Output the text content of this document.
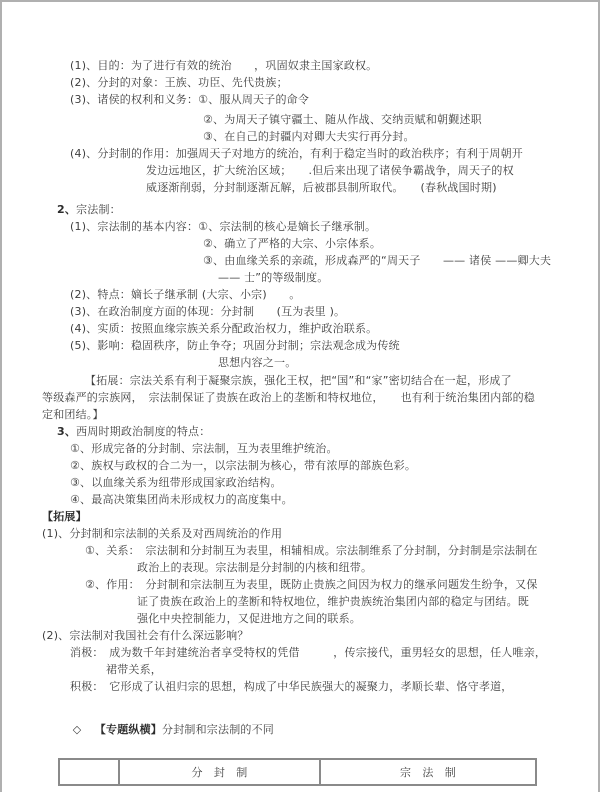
(1)、目的：为了进行有效的统治　　，巩固奴隶主国家政权。
(2)、分封的对象：王族、功臣、先代贵族；
(3)、诸侯的权利和义务：①、服从周天子的命令
②、为周天子镇守疆土、随从作战、交纳贡赋和朝觐述职
③、在自己的封疆内对卿大夫实行再分封。
(4)、分封制的作用：加强周天子对地方的统治，有利于稳定当时的政治秩序；有利于周朝开
发边远地区，扩大统治区域；　　.但后来出现了诸侯争霸战争，周天子的权
威逐渐削弱，分封制逐渐瓦解，后被郡县制所取代。　　(春秋战国时期)
2、宗法制：
(1)、宗法制的基本内容：①、宗法制的核心是嫡长子继承制。
②、确立了严格的大宗、小宗体系。
③、由血缘关系的亲疏，形成森严的“周天子　　—— 诸侯 ——卿大夫
—— 士”的等级制度。
(2)、特点：嫡长子继承制 (大宗、小宗)　　。
(3)、在政治制度方面的体现：分封制　　(互为表里 )。
(4)、实质：按照血缘宗族关系分配政治权力，维护政治联系。
(5)、影响：稳固秩序，防止争夺；巩固分封制；宗法观念成为传统
思想内容之一。
【拓展：宗法关系有利于凝聚宗族，强化王权，把“国”和“家”密切结合在一起，形成了
等级森严的宗族网，　宗法制保证了贵族在政治上的垄断和特权地位，　　也有利于统治集团内部的稳
定和团结。】
3、西周时期政治制度的特点：
①、形成完备的分封制、宗法制，互为表里维护统治。
②、族权与政权的合二为一，以宗法制为核心，带有浓厚的部族色彩。
③、以血缘关系为纽带形成国家政治结构。
④、最高决策集团尚未形成权力的高度集中。
【拓展】
(1)、分封制和宗法制的关系及对西周统治的作用
①、关系：　宗法制和分封制互为表里，相辅相成。宗法制维系了分封制，分封制是宗法制在
政治上的表现。宗法制是分封制的内核和纽带。
②、作用：　分封制和宗法制互为表里，既防止贵族之间因为权力的继承问题发生纷争，又保
证了贵族在政治上的垄断和特权地位，维护贵族统治集团内部的稳定与团结。既
强化中央控制能力，又促进地方之间的联系。
(2)、宗法制对我国社会有什么深远影响？
消极：　成为数千年封建统治者享受特权的凭借　　　，传宗接代，重男轻女的思想，任人唯亲，
裙带关系，
积极：　它形成了认祖归宗的思想，构成了中华民族强大的凝聚力，孝顺长辈、恪守孝道，

◇ 【专题纵横】分封制和宗法制的不同

	分　封　制	宗　法　制
